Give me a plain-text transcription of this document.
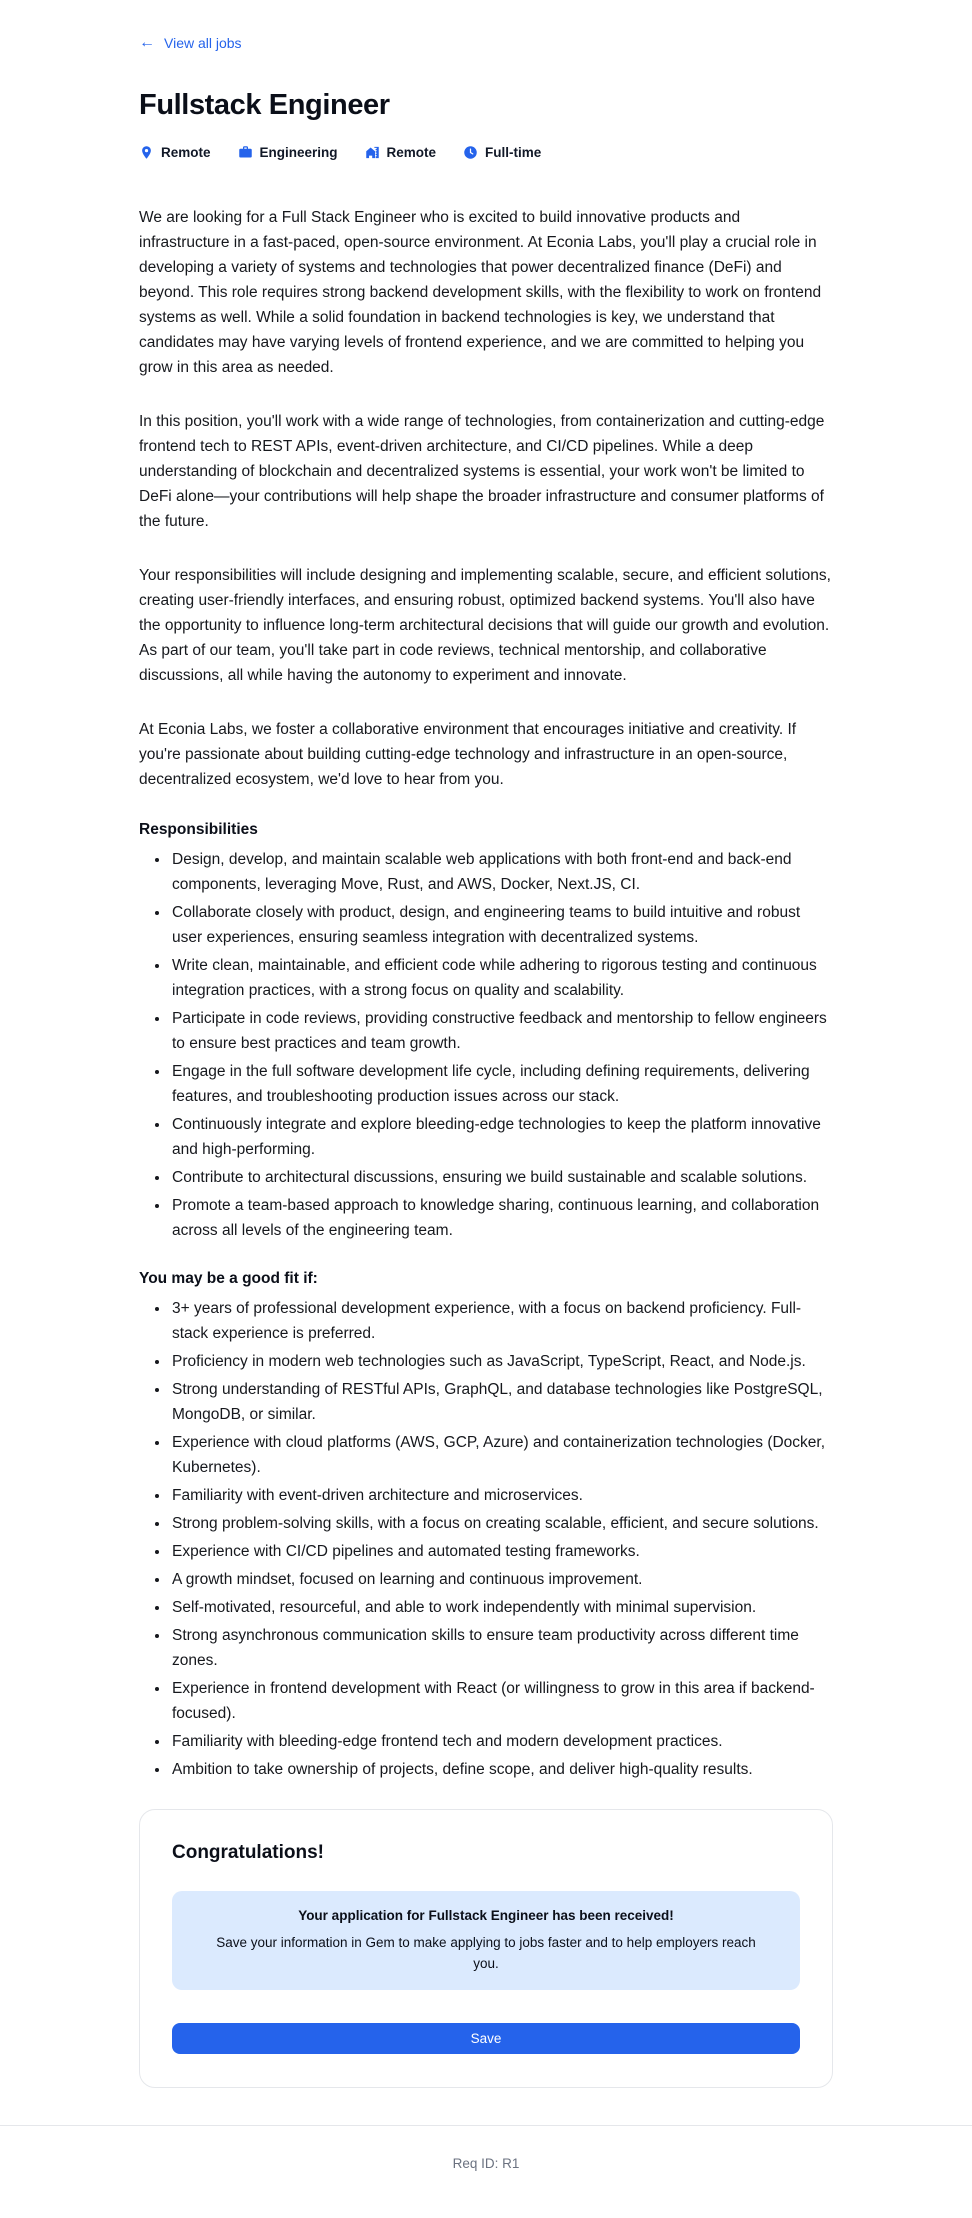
← View all jobs
Fullstack Engineer
Remote	Engineering	Remote	Full-time

We are looking for a Full Stack Engineer who is excited to build innovative products and infrastructure in a fast-paced, open-source environment. At Econia Labs, you'll play a crucial role in developing a variety of systems and technologies that power decentralized finance (DeFi) and beyond. This role requires strong backend development skills, with the flexibility to work on frontend systems as well. While a solid foundation in backend technologies is key, we understand that candidates may have varying levels of frontend experience, and we are committed to helping you grow in this area as needed.

In this position, you'll work with a wide range of technologies, from containerization and cutting-edge frontend tech to REST APIs, event-driven architecture, and CI/CD pipelines. While a deep understanding of blockchain and decentralized systems is essential, your work won't be limited to DeFi alone—your contributions will help shape the broader infrastructure and consumer platforms of the future.

Your responsibilities will include designing and implementing scalable, secure, and efficient solutions, creating user-friendly interfaces, and ensuring robust, optimized backend systems. You'll also have the opportunity to influence long-term architectural decisions that will guide our growth and evolution. As part of our team, you'll take part in code reviews, technical mentorship, and collaborative discussions, all while having the autonomy to experiment and innovate.

At Econia Labs, we foster a collaborative environment that encourages initiative and creativity. If you're passionate about building cutting-edge technology and infrastructure in an open-source, decentralized ecosystem, we'd love to hear from you.

Responsibilities
• Design, develop, and maintain scalable web applications with both front-end and back-end components, leveraging Move, Rust, and AWS, Docker, Next.JS, CI.
• Collaborate closely with product, design, and engineering teams to build intuitive and robust user experiences, ensuring seamless integration with decentralized systems.
• Write clean, maintainable, and efficient code while adhering to rigorous testing and continuous integration practices, with a strong focus on quality and scalability.
• Participate in code reviews, providing constructive feedback and mentorship to fellow engineers to ensure best practices and team growth.
• Engage in the full software development life cycle, including defining requirements, delivering features, and troubleshooting production issues across our stack.
• Continuously integrate and explore bleeding-edge technologies to keep the platform innovative and high-performing.
• Contribute to architectural discussions, ensuring we build sustainable and scalable solutions.
• Promote a team-based approach to knowledge sharing, continuous learning, and collaboration across all levels of the engineering team.
You may be a good fit if:
• 3+ years of professional development experience, with a focus on backend proficiency. Full-stack experience is preferred.
• Proficiency in modern web technologies such as JavaScript, TypeScript, React, and Node.js.
• Strong understanding of RESTful APIs, GraphQL, and database technologies like PostgreSQL, MongoDB, or similar.
• Experience with cloud platforms (AWS, GCP, Azure) and containerization technologies (Docker, Kubernetes).
• Familiarity with event-driven architecture and microservices.
• Strong problem-solving skills, with a focus on creating scalable, efficient, and secure solutions.
• Experience with CI/CD pipelines and automated testing frameworks.
• A growth mindset, focused on learning and continuous improvement.
• Self-motivated, resourceful, and able to work independently with minimal supervision.
• Strong asynchronous communication skills to ensure team productivity across different time zones.
• Experience in frontend development with React (or willingness to grow in this area if backend-focused).
• Familiarity with bleeding-edge frontend tech and modern development practices.
• Ambition to take ownership of projects, define scope, and deliver high-quality results.
Congratulations!
Your application for Fullstack Engineer has been received!
Save your information in Gem to make applying to jobs faster and to help employers reach you.
Save
Req ID: R1
